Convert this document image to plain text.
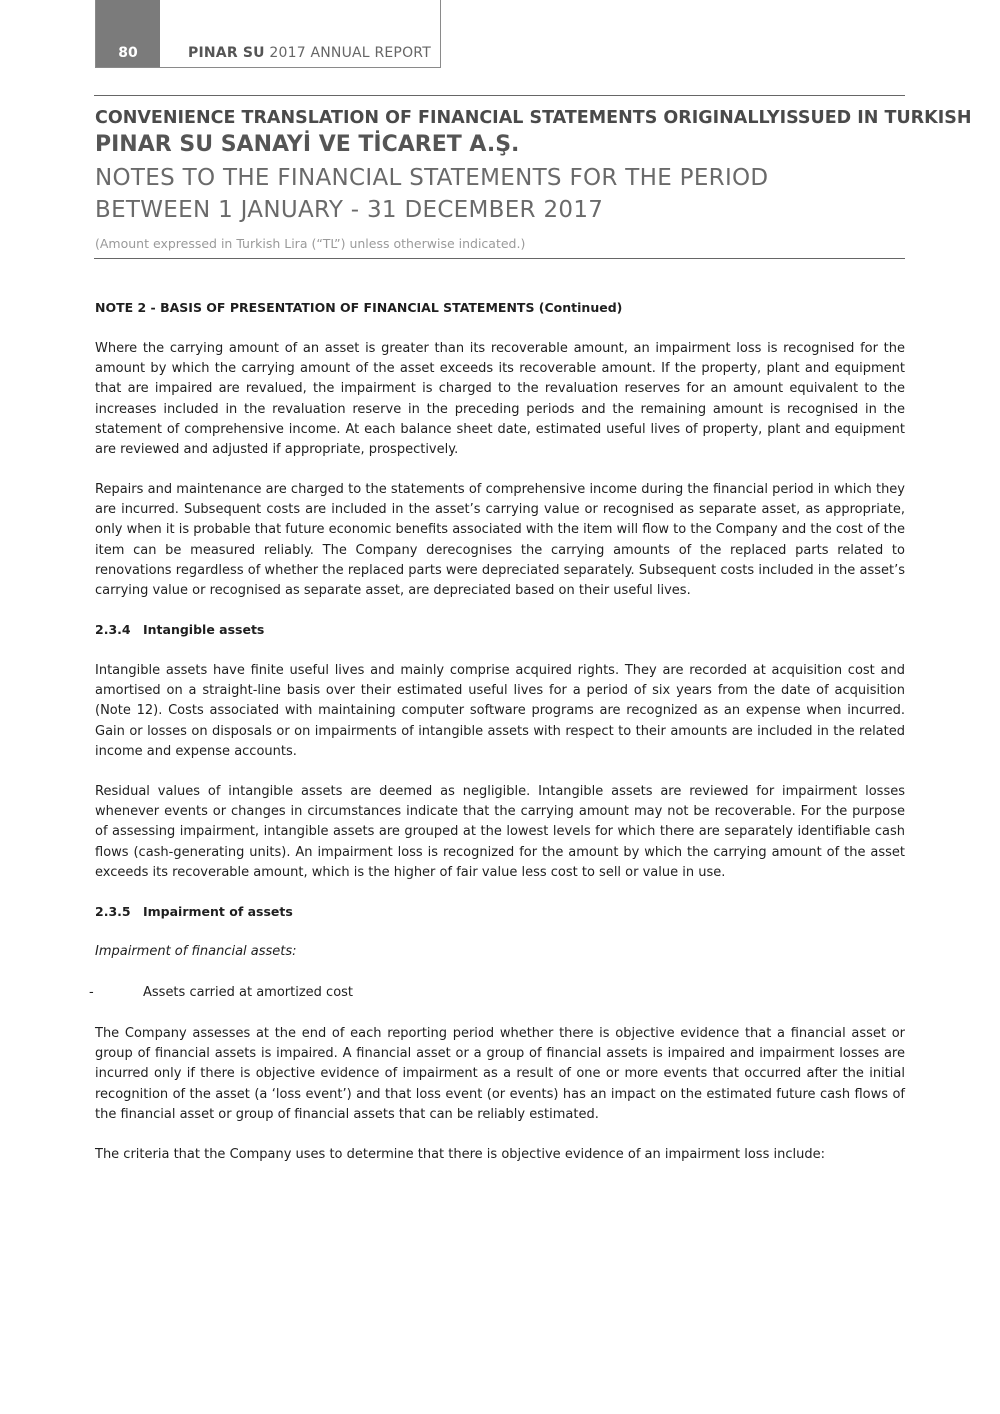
80	PINAR SU 2017 ANNUAL REPORT
CONVENIENCE TRANSLATION OF FINANCIAL STATEMENTS ORIGINALLYISSUED IN TURKISH
PINAR SU SANAYİ VE TİCARET A.Ş.
NOTES TO THE FINANCIAL STATEMENTS FOR THE PERIOD
BETWEEN 1 JANUARY - 31 DECEMBER 2017
(Amount expressed in Turkish Lira (“TL”) unless otherwise indicated.)
NOTE 2 - BASIS OF PRESENTATION OF FINANCIAL STATEMENTS (Continued)

Where the carrying amount of an asset is greater than its recoverable amount, an impairment loss is recognised for the amount by which the carrying amount of the asset exceeds its recoverable amount. If the property, plant and equipment that are impaired are revalued, the impairment is charged to the revaluation reserves for an amount equivalent to the increases included in the revaluation reserve in the preceding periods and the remaining amount is recognised in the statement of comprehensive income. At each balance sheet date, estimated useful lives of property, plant and equipment are reviewed and adjusted if appropriate, prospectively.

Repairs and maintenance are charged to the statements of comprehensive income during the financial period in which they are incurred. Subsequent costs are included in the asset’s carrying value or recognised as separate asset, as appropriate, only when it is probable that future economic benefits associated with the item will flow to the Company and the cost of the item can be measured reliably. The Company derecognises the carrying amounts of the replaced parts related to renovations regardless of whether the replaced parts were depreciated separately. Subsequent costs included in the asset’s carrying value or recognised as separate asset, are depreciated based on their useful lives.

2.3.4 Intangible assets

Intangible assets have finite useful lives and mainly comprise acquired rights. They are recorded at acquisition cost and amortised on a straight-line basis over their estimated useful lives for a period of six years from the date of acquisition (Note 12). Costs associated with maintaining computer software programs are recognized as an expense when incurred. Gain or losses on disposals or on impairments of intangible assets with respect to their amounts are included in the related income and expense accounts.

Residual values of intangible assets are deemed as negligible. Intangible assets are reviewed for impairment losses whenever events or changes in circumstances indicate that the carrying amount may not be recoverable. For the purpose of assessing impairment, intangible assets are grouped at the lowest levels for which there are separately identifiable cash flows (cash-generating units). An impairment loss is recognized for the amount by which the carrying amount of the asset exceeds its recoverable amount, which is the higher of fair value less cost to sell or value in use.

2.3.5 Impairment of assets
Impairment of financial assets:
-	Assets carried at amortized cost

The Company assesses at the end of each reporting period whether there is objective evidence that a financial asset or group of financial assets is impaired. A financial asset or a group of financial assets is impaired and impairment losses are incurred only if there is objective evidence of impairment as a result of one or more events that occurred after the initial recognition of the asset (a ‘loss event’) and that loss event (or events) has an impact on the estimated future cash flows of the financial asset or group of financial assets that can be reliably estimated.

The criteria that the Company uses to determine that there is objective evidence of an impairment loss include:
